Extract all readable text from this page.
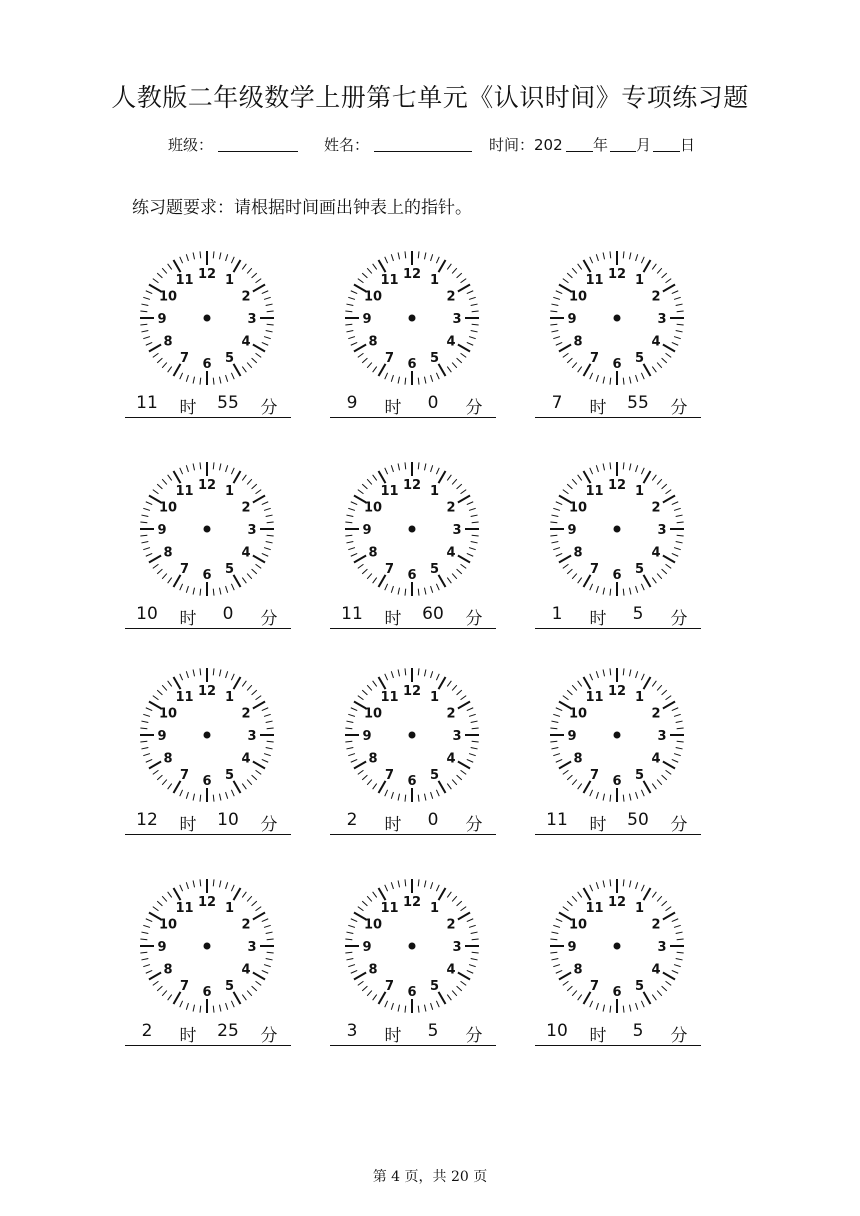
人教版二年级数学上册第七单元《认识时间》专项练习题
班级：	姓名：	时间：202 年 月 日
练习题要求：请根据时间画出钟表上的指针。
12 1
2
3
4
5
6
7
8
9
10
11
11	时	55	分
12 1
2
3
4
5
6
7
8
9
10
11
9	时	0	分
12 1
2
3
4
5
6
7
8
9
10
11
7	时	55	分
12 1
2
3
4
5
6
7
8
9
10
11
10	时	0	分
12 1
2
3
4
5
6
7
8
9
10
11
11	时	60	分
12 1
2
3
4
5
6
7
8
9
10
11
1	时	5	分
12 1
2
3
4
5
6
7
8
9
10
11
12	时	10	分
12 1
2
3
4
5
6
7
8
9
10
11
2	时	0	分
12 1
2
3
4
5
6
7
8
9
10
11
11	时	50	分
12 1
2
3
4
5
6
7
8
9
10
11
2	时	25	分
12 1
2
3
4
5
6
7
8
9
10
11
3	时	5	分
12 1
2
3
4
5
6
7
8
9
10
11
10	时	5	分
第 4 页，共 20 页
